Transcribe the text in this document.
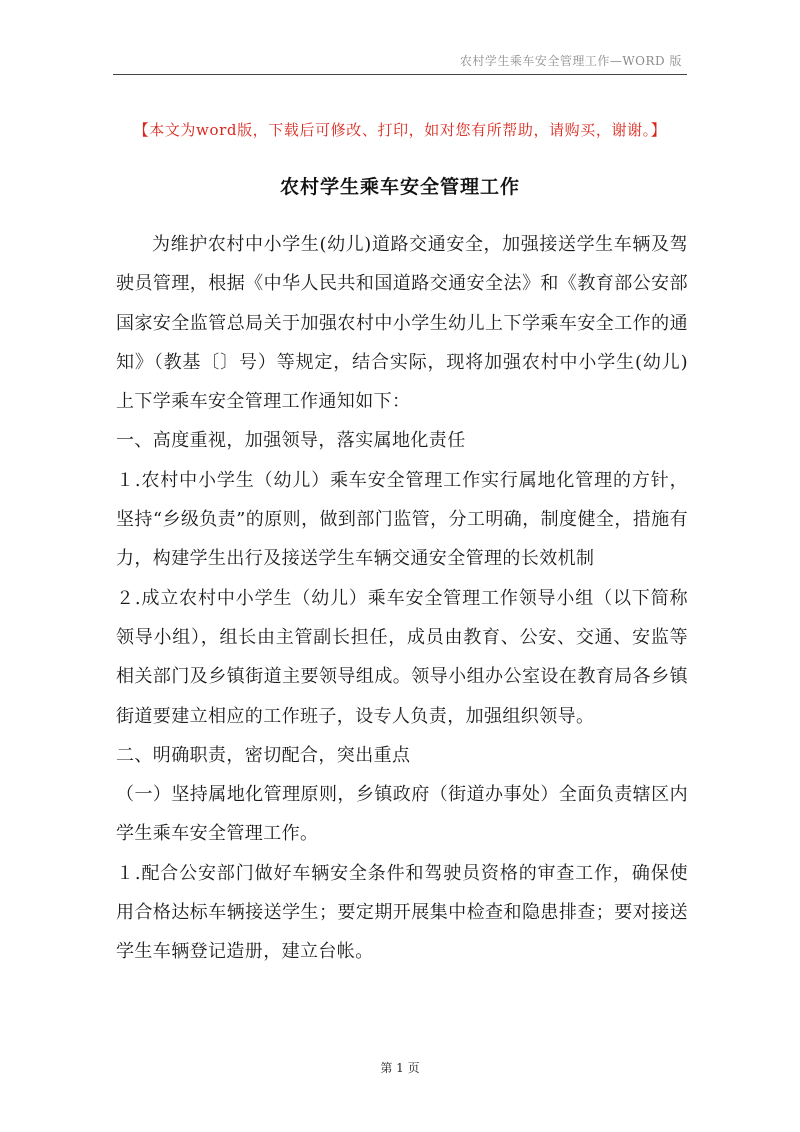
农村学生乘车安全管理工作—WORD 版
【本文为word版，下载后可修改、打印，如对您有所帮助，请购买，谢谢。】
农村学生乘车安全管理工作

为维护农村中小学生(幼儿)道路交通安全，加强接送学生车辆及驾驶员管理，根据《中华人民共和国道路交通安全法》和《教育部公安部国家安全监管总局关于加强农村中小学生幼儿上下学乘车安全工作的通知》（教基〔〕号）等规定，结合实际，现将加强农村中小学生(幼儿)上下学乘车安全管理工作通知如下：

一、高度重视，加强领导，落实属地化责任

１.农村中小学生（幼儿）乘车安全管理工作实行属地化管理的方针，坚持“乡级负责”的原则，做到部门监管，分工明确，制度健全，措施有力，构建学生出行及接送学生车辆交通安全管理的长效机制

２.成立农村中小学生（幼儿）乘车安全管理工作领导小组（以下简称领导小组），组长由主管副长担任，成员由教育、公安、交通、安监等相关部门及乡镇街道主要领导组成。领导小组办公室设在教育局各乡镇街道要建立相应的工作班子，设专人负责，加强组织领导。

二、明确职责，密切配合，突出重点

（一）坚持属地化管理原则，乡镇政府（街道办事处）全面负责辖区内学生乘车安全管理工作。

１.配合公安部门做好车辆安全条件和驾驶员资格的审查工作，确保使用合格达标车辆接送学生；要定期开展集中检查和隐患排查；要对接送学生车辆登记造册，建立台帐。

第 1 页
